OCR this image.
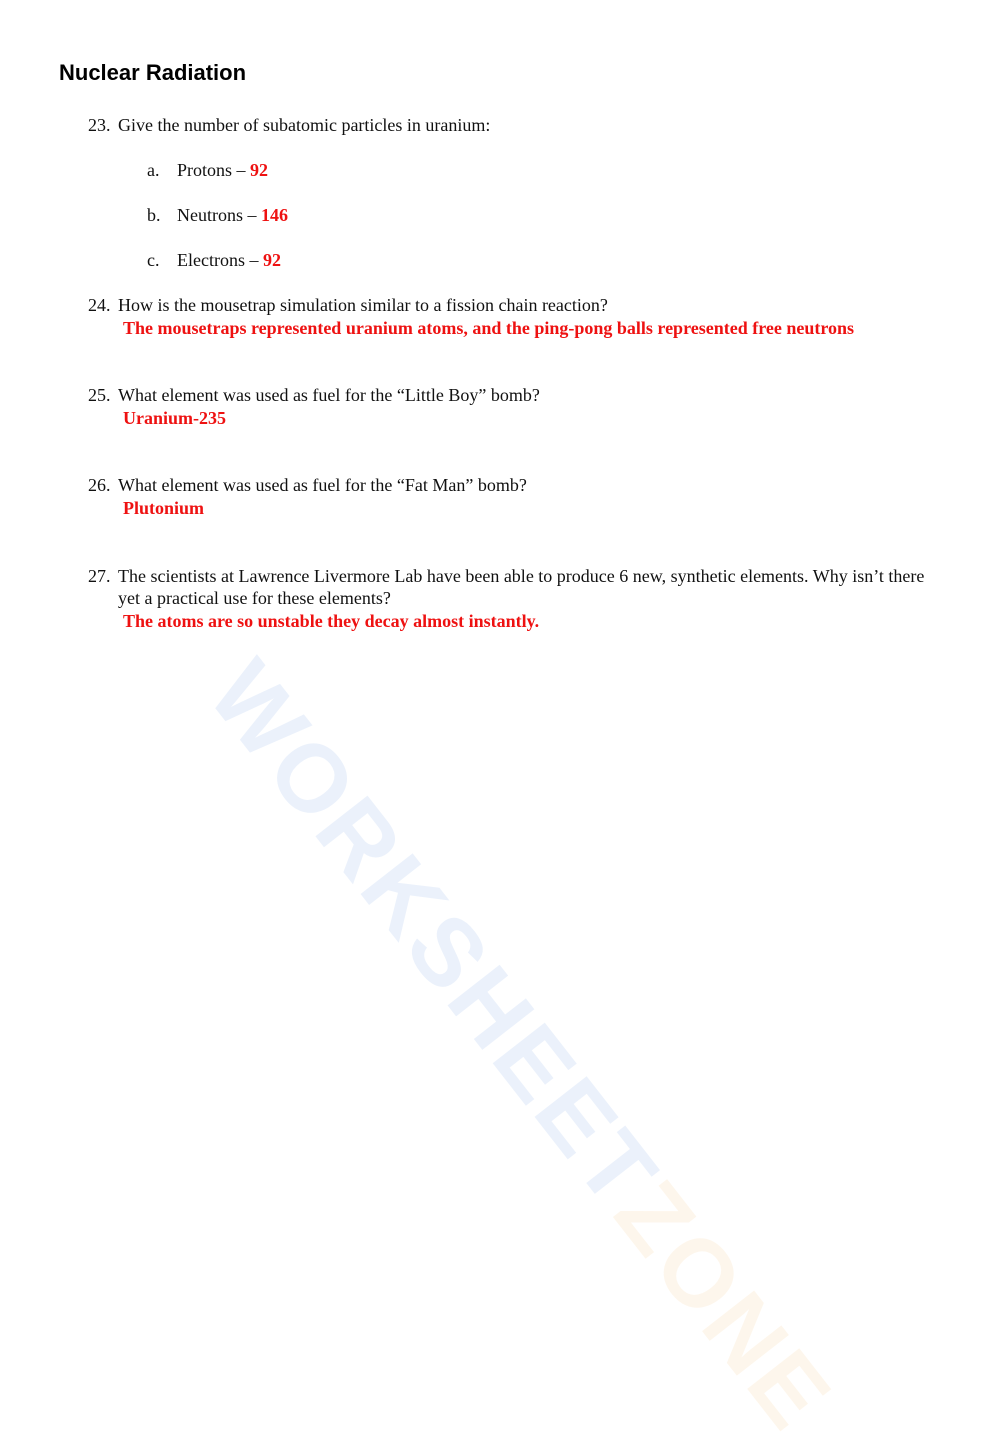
WORKSHEETZONE
Nuclear Radiation
23. Give the number of subatomic particles in uranium:
a. Protons – 92
b. Neutrons – 146
c. Electrons – 92
24. How is the mousetrap simulation similar to a fission chain reaction?
The mousetraps represented uranium atoms, and the ping-pong balls represented free neutrons
25. What element was used as fuel for the “Little Boy” bomb?
Uranium-235
26. What element was used as fuel for the “Fat Man” bomb?
Plutonium
27. The scientists at Lawrence Livermore Lab have been able to produce 6 new, synthetic elements. Why isn’t there yet a practical use for these elements?
The atoms are so unstable they decay almost instantly.
